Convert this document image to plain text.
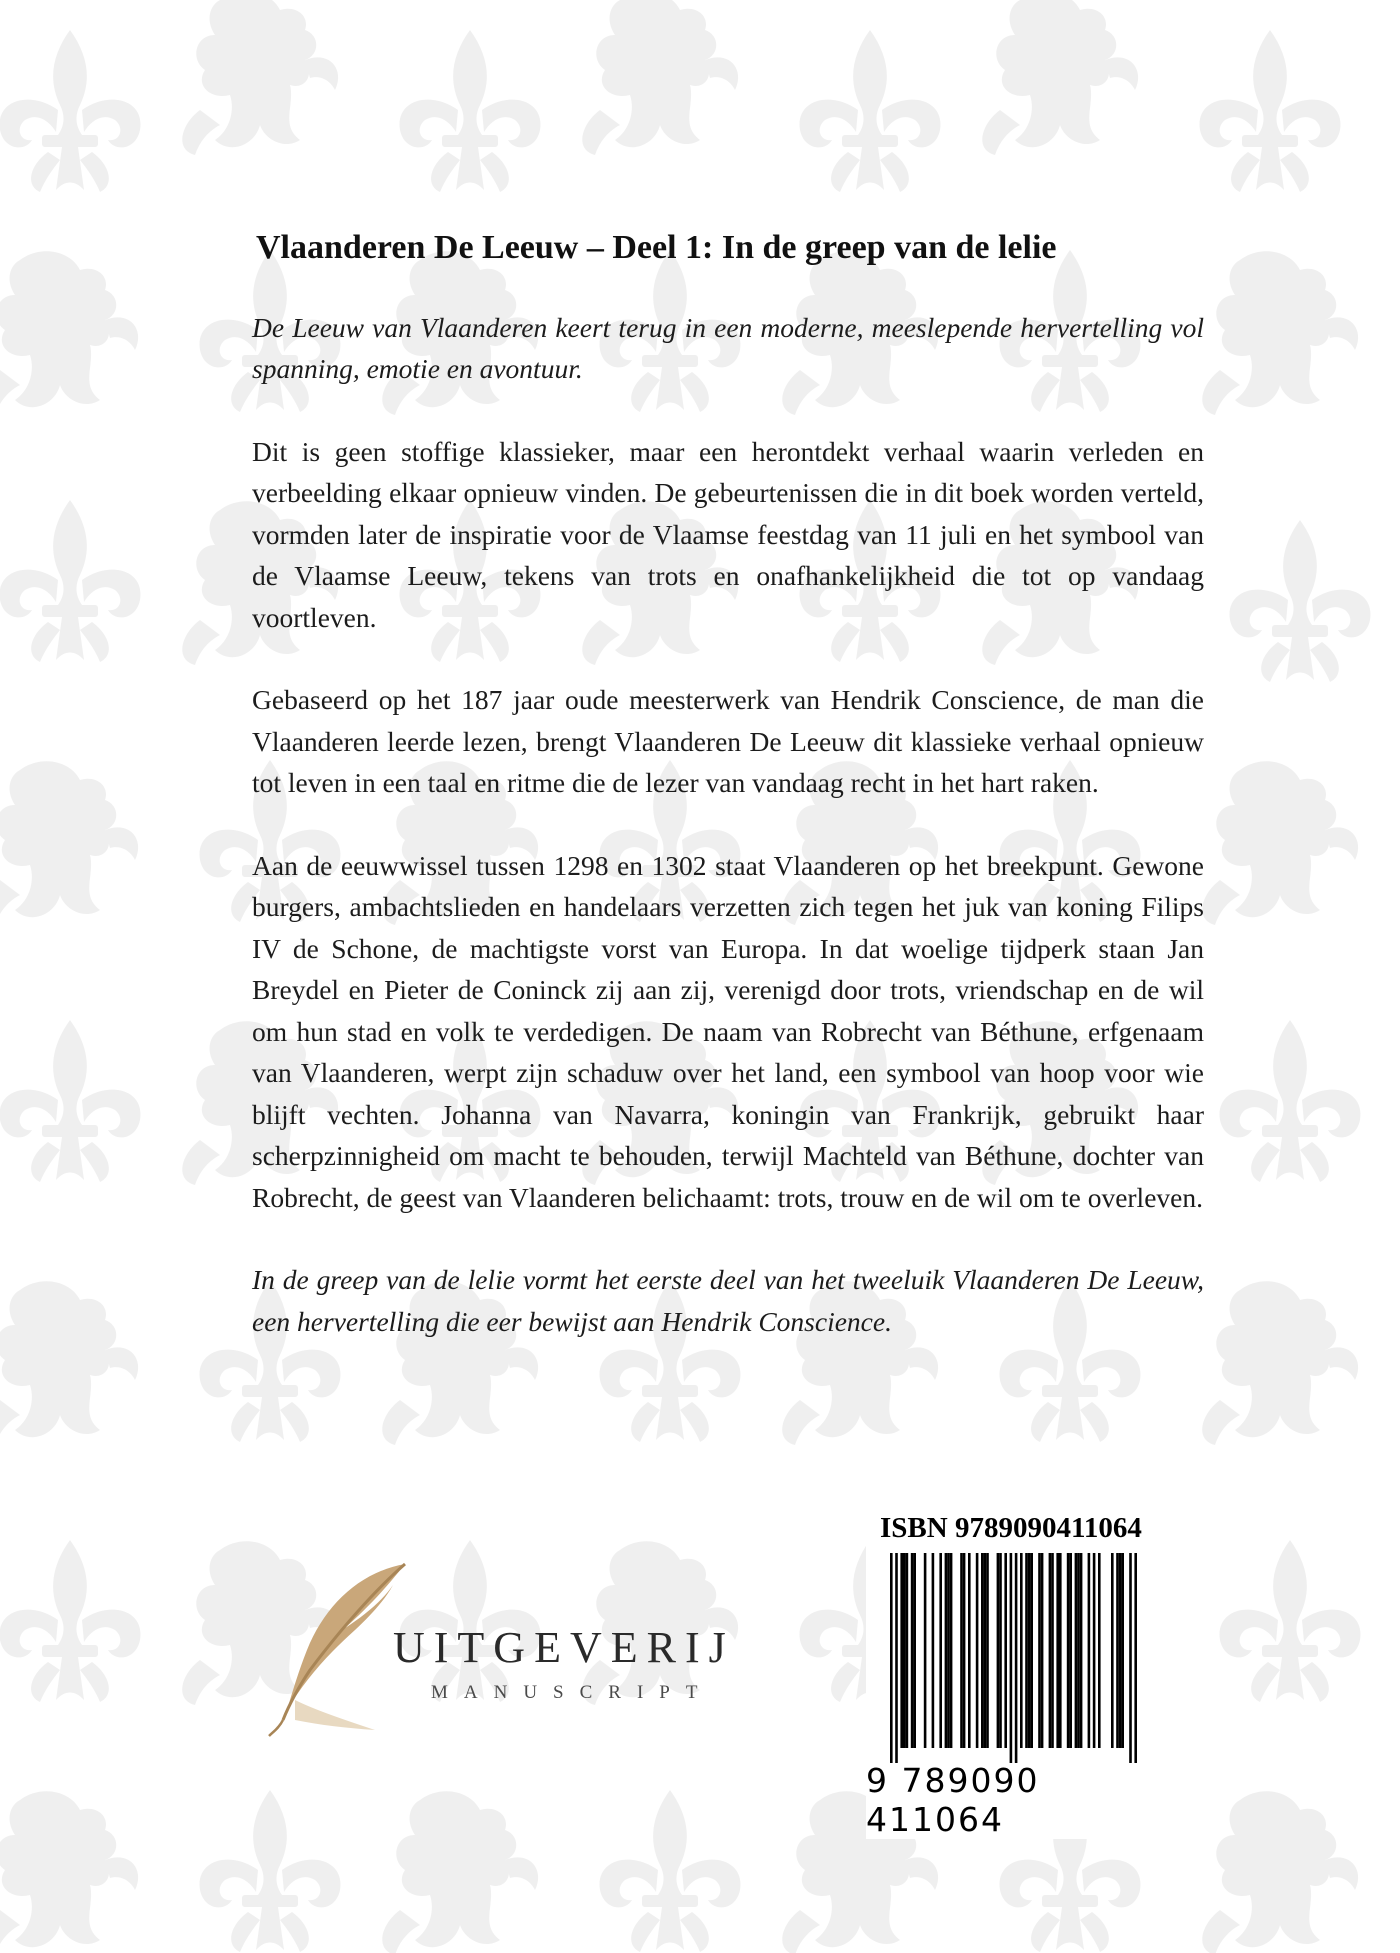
Vlaanderen De Leeuw – Deel 1: In de greep van de lelie

De Leeuw van Vlaanderen keert terug in een moderne, meeslepende hervertelling vol spanning, emotie en avontuur.

Dit is geen stoffige klassieker, maar een herontdekt verhaal waarin verleden en verbeelding elkaar opnieuw vinden. De gebeurtenissen die in dit boek worden verteld, vormden later de inspiratie voor de Vlaamse feestdag van 11 juli en het symbool van de Vlaamse Leeuw, tekens van trots en onafhankelijkheid die tot op vandaag voortleven.

Gebaseerd op het 187 jaar oude meesterwerk van Hendrik Conscience, de man die Vlaanderen leerde lezen, brengt Vlaanderen De Leeuw dit klassieke verhaal opnieuw tot leven in een taal en ritme die de lezer van vandaag recht in het hart raken.

Aan de eeuwwissel tussen 1298 en 1302 staat Vlaanderen op het breekpunt. Gewone burgers, ambachtslieden en handelaars verzetten zich tegen het juk van koning Filips IV de Schone, de machtigste vorst van Europa. In dat woelige tijdperk staan Jan Breydel en Pieter de Coninck zij aan zij, verenigd door trots, vriendschap en de wil om hun stad en volk te verdedigen. De naam van Robrecht van Béthune, erfgenaam van Vlaanderen, werpt zijn schaduw over het land, een symbool van hoop voor wie blijft vechten. Johanna van Navarra, koningin van Frankrijk, gebruikt haar scherpzinnigheid om macht te behouden, terwijl Machteld van Béthune, dochter van Robrecht, de geest van Vlaanderen belichaamt: trots, trouw en de wil om te overleven.

In de greep van de lelie vormt het eerste deel van het tweeluik Vlaanderen De Leeuw, een hervertelling die eer bewijst aan Hendrik Conscience.

UITGEVERIJ
MANUSCRIPT
ISBN 9789090411064
9 789090 411064
